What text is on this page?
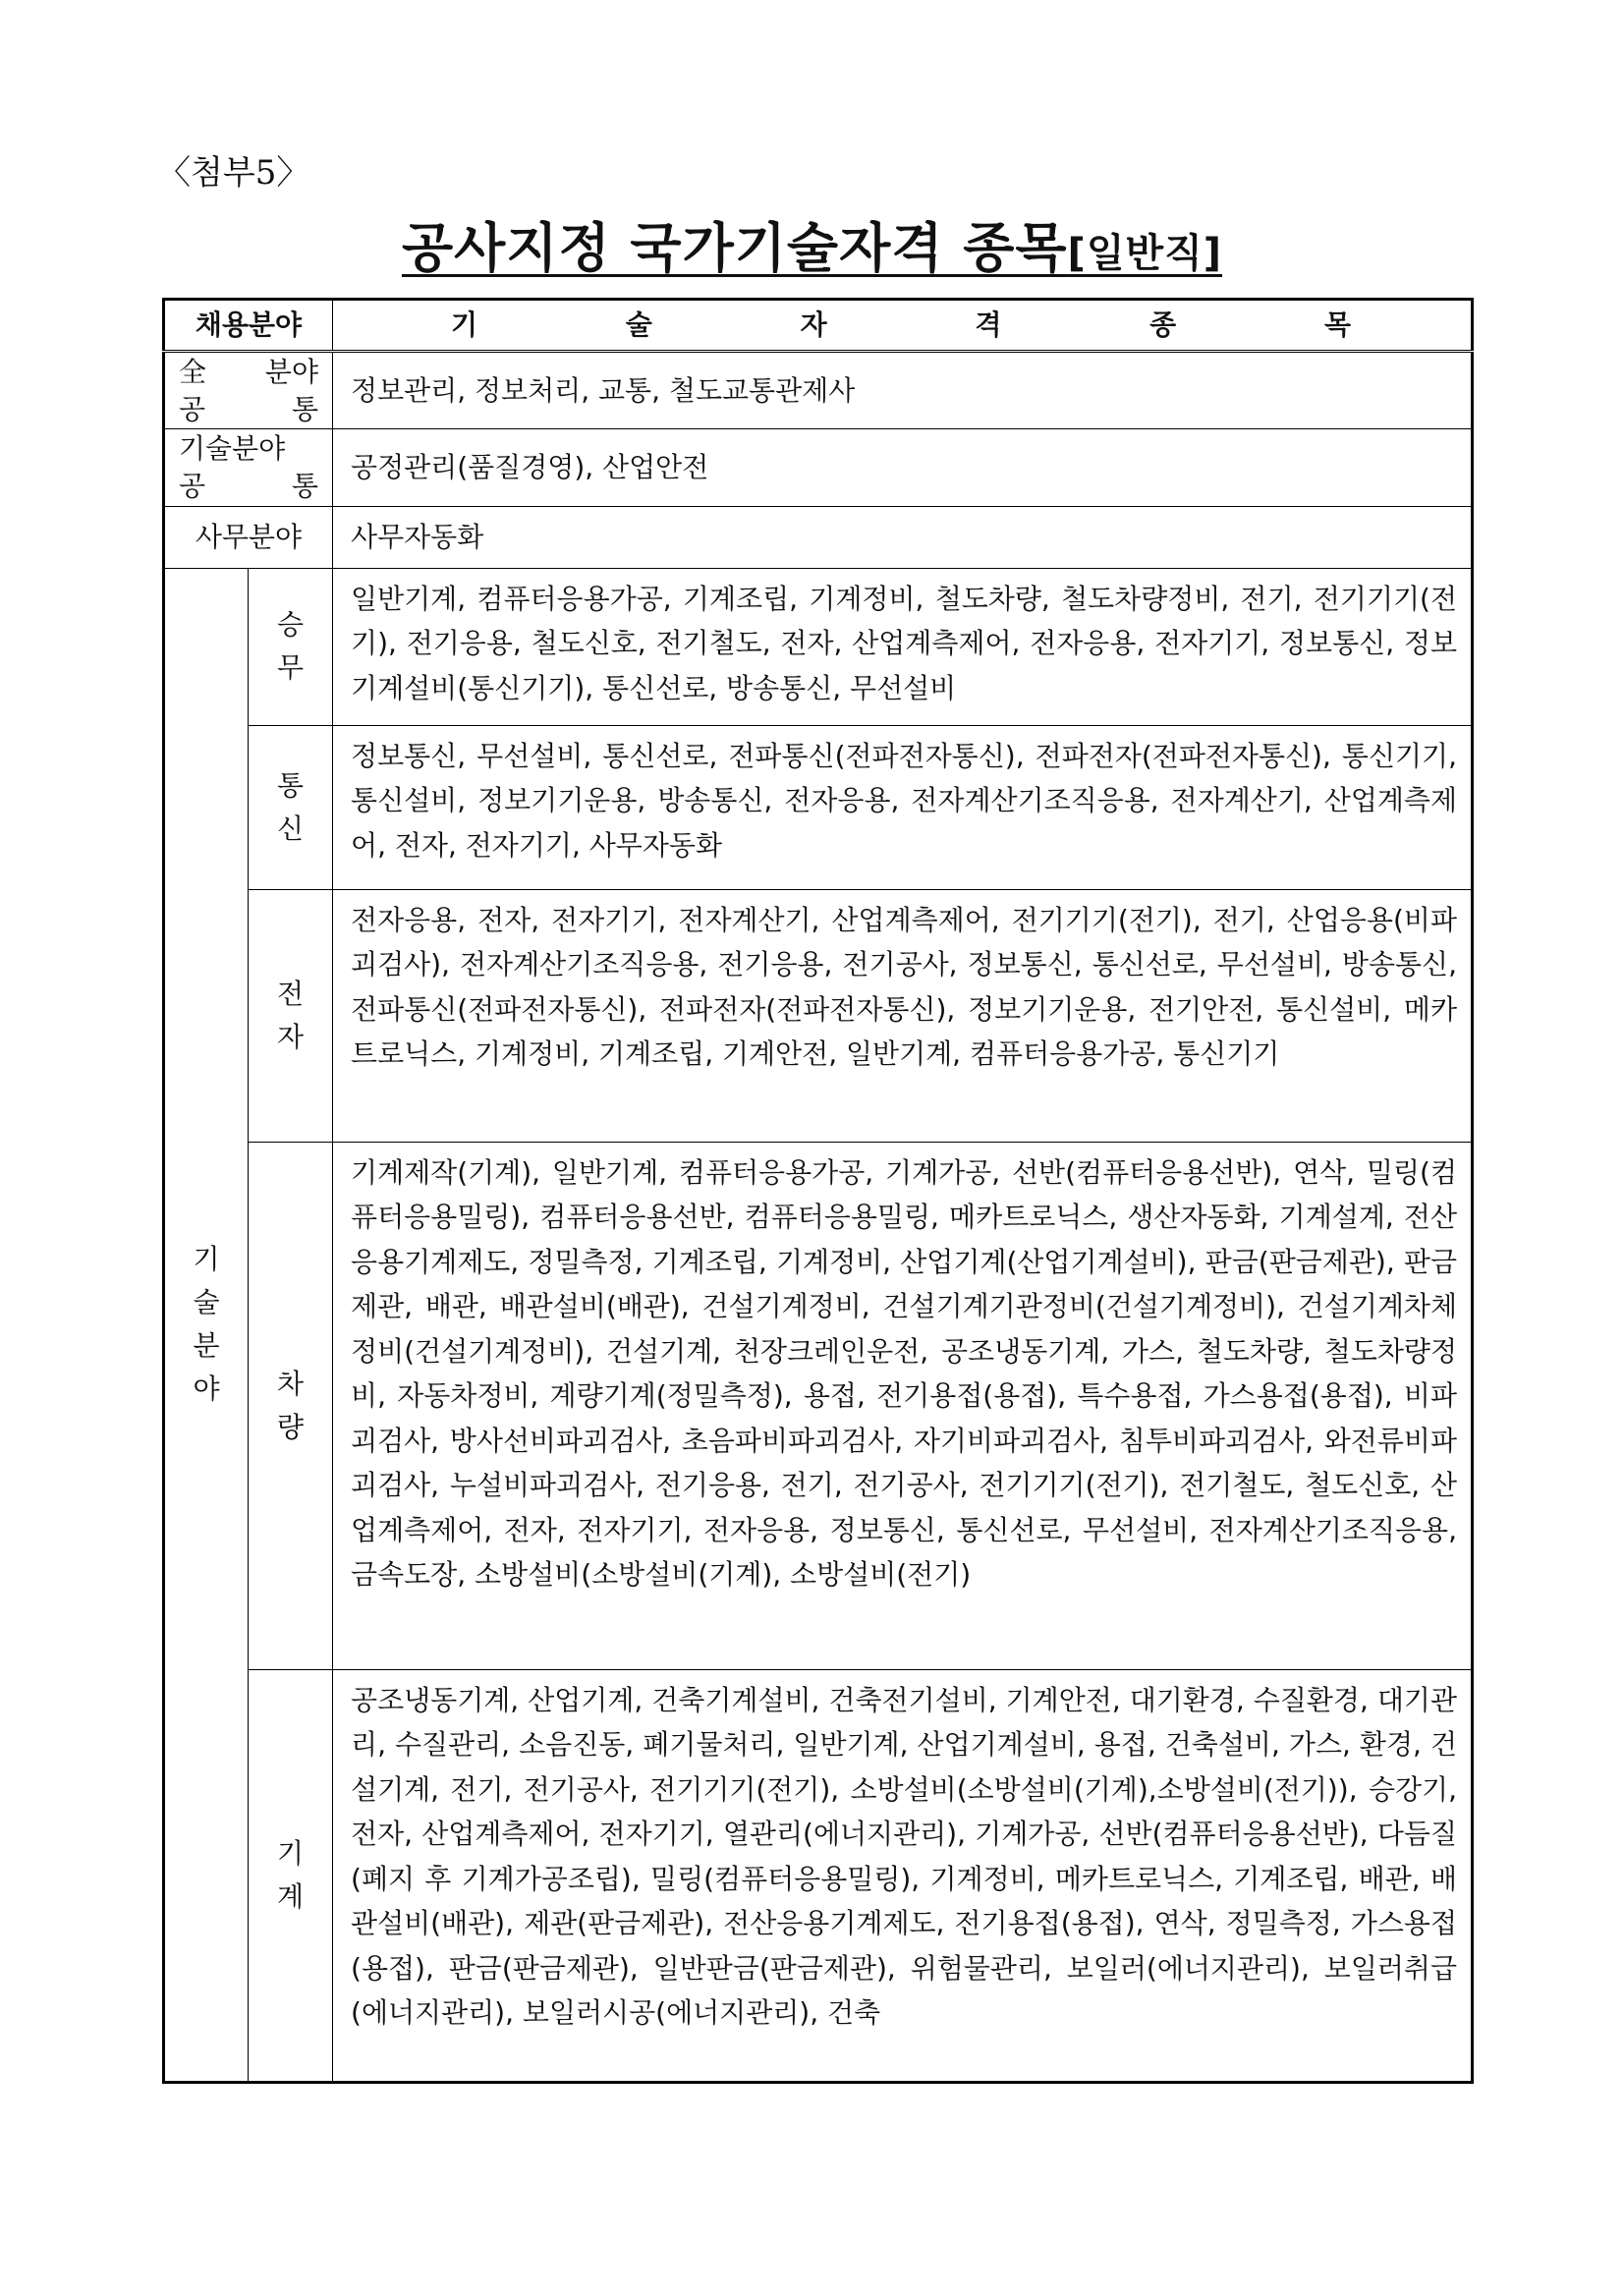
〈첨부5〉
공사지정 국가기술자격 종목[일반직]
채용분야		기 술 자 격 종 목

全 분야
공 통		정보관리, 정보처리, 교통, 철도교통관제사

기술분야
공 통		공정관리(품질경영), 산업안전
사무분야		사무자동화

기
술
분
야	승
무	일반기계, 컴퓨터응용가공, 기계조립, 기계정비, 철도차량, 철도차량정비, 전기, 전기기기(전기), 전기응용, 철도신호, 전기철도, 전자, 산업계측제어, 전자응용, 전자기기, 정보통신, 정보기계설비(통신기기), 통신선로, 방송통신, 무선설비

	통
신	정보통신, 무선설비, 통신선로, 전파통신(전파전자통신), 전파전자(전파전자통신), 통신기기, 통신설비, 정보기기운용, 방송통신, 전자응용, 전자계산기조직응용, 전자계산기, 산업계측제어, 전자, 전자기기, 사무자동화

	전
자	전자응용, 전자, 전자기기, 전자계산기, 산업계측제어, 전기기기(전기), 전기, 산업응용(비파괴검사), 전자계산기조직응용, 전기응용, 전기공사, 정보통신, 통신선로, 무선설비, 방송통신, 전파통신(전파전자통신), 전파전자(전파전자통신), 정보기기운용, 전기안전, 통신설비, 메카트로닉스, 기계정비, 기계조립, 기계안전, 일반기계, 컴퓨터응용가공, 통신기기

	차
량	기계제작(기계), 일반기계, 컴퓨터응용가공, 기계가공, 선반(컴퓨터응용선반), 연삭, 밀링(컴퓨터응용밀링), 컴퓨터응용선반, 컴퓨터응용밀링, 메카트로닉스, 생산자동화, 기계설계, 전산응용기계제도, 정밀측정, 기계조립, 기계정비, 산업기계(산업기계설비), 판금(판금제관), 판금제관, 배관, 배관설비(배관), 건설기계정비, 건설기계기관정비(건설기계정비), 건설기계차체정비(건설기계정비), 건설기계, 천장크레인운전, 공조냉동기계, 가스, 철도차량, 철도차량정비, 자동차정비, 계량기계(정밀측정), 용접, 전기용접(용접), 특수용접, 가스용접(용접), 비파괴검사, 방사선비파괴검사, 초음파비파괴검사, 자기비파괴검사, 침투비파괴검사, 와전류비파괴검사, 누설비파괴검사, 전기응용, 전기, 전기공사, 전기기기(전기), 전기철도, 철도신호, 산업계측제어, 전자, 전자기기, 전자응용, 정보통신, 통신선로, 무선설비, 전자계산기조직응용, 금속도장, 소방설비(소방설비(기계), 소방설비(전기)

	기
계	공조냉동기계, 산업기계, 건축기계설비, 건축전기설비, 기계안전, 대기환경, 수질환경, 대기관리, 수질관리, 소음진동, 폐기물처리, 일반기계, 산업기계설비, 용접, 건축설비, 가스, 환경, 건설기계, 전기, 전기공사, 전기기기(전기), 소방설비(소방설비(기계),소방설비(전기)), 승강기, 전자, 산업계측제어, 전자기기, 열관리(에너지관리), 기계가공, 선반(컴퓨터응용선반), 다듬질(폐지 후 기계가공조립), 밀링(컴퓨터응용밀링), 기계정비, 메카트로닉스, 기계조립, 배관, 배관설비(배관), 제관(판금제관), 전산응용기계제도, 전기용접(용접), 연삭, 정밀측정, 가스용접(용접), 판금(판금제관), 일반판금(판금제관), 위험물관리, 보일러(에너지관리), 보일러취급(에너지관리), 보일러시공(에너지관리), 건축
